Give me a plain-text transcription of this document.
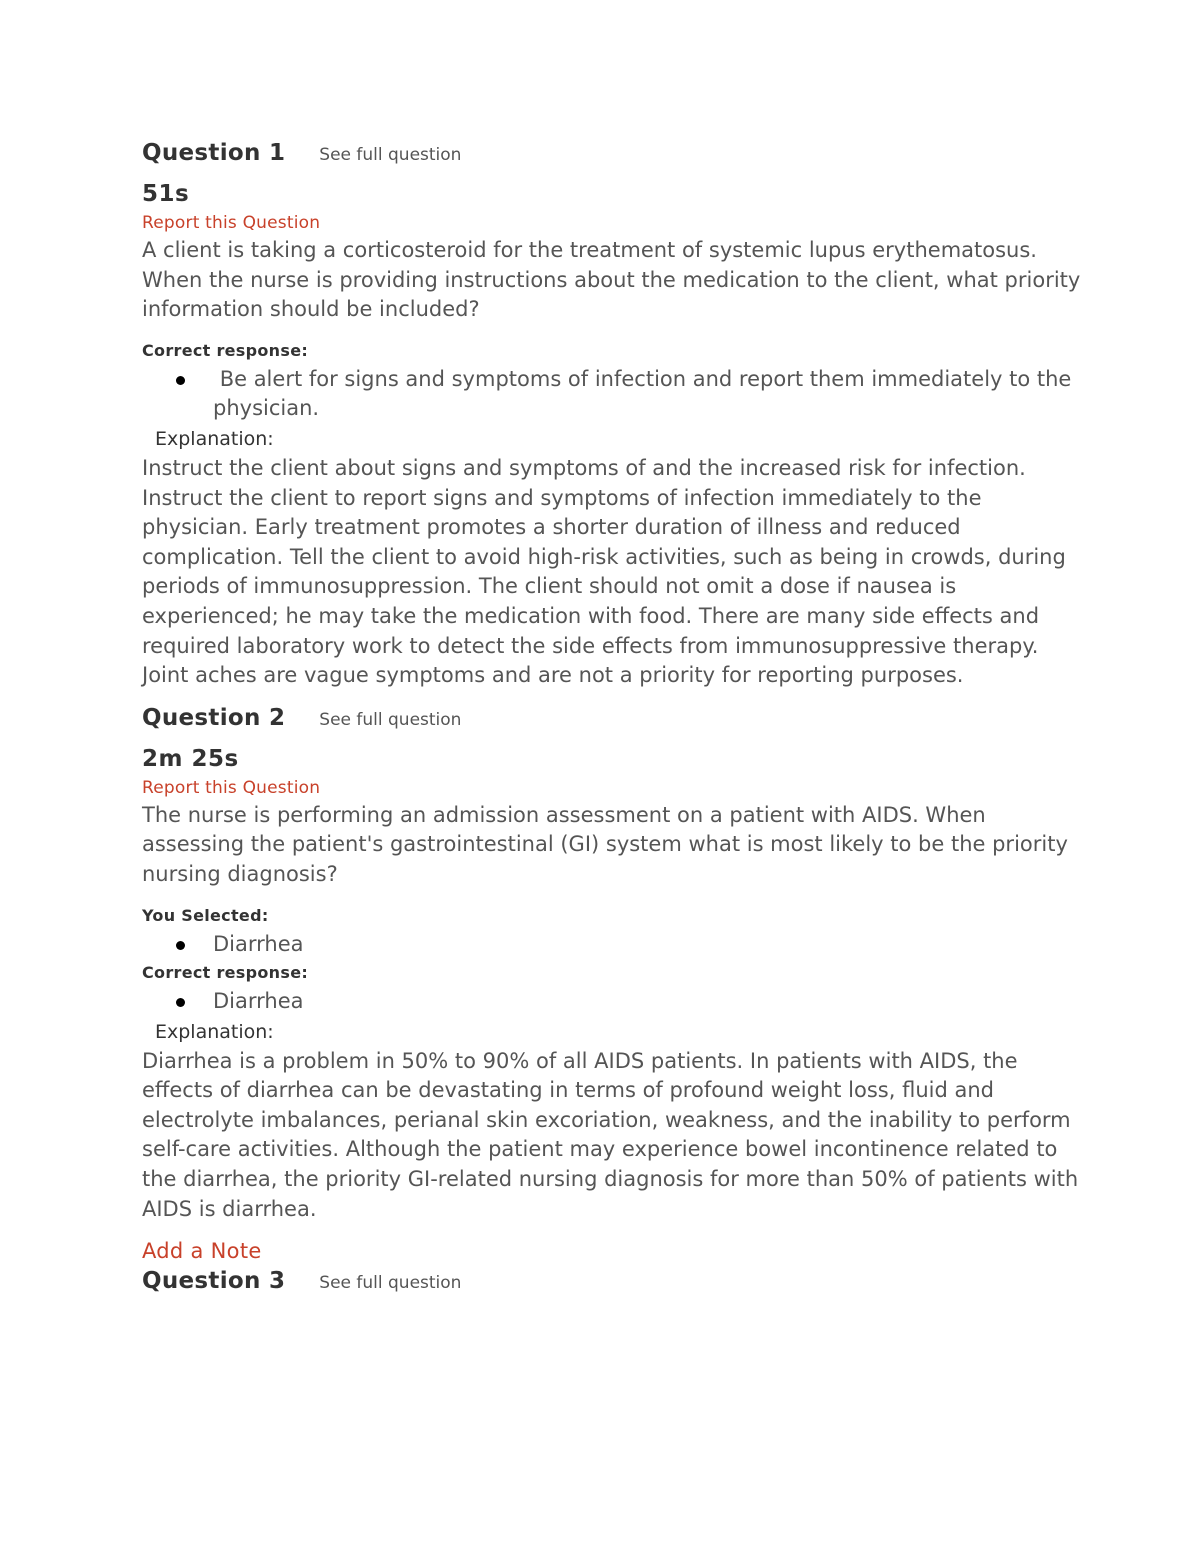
Question 1 See full question
51s
Report this Question

A client is taking a corticosteroid for the treatment of systemic lupus erythematosus. When the nurse is providing instructions about the medication to the client, what priority information should be included?

Correct response:
Be alert for signs and symptoms of infection and report them immediately to the physician.
Explanation:

Instruct the client about signs and symptoms of and the increased risk for infection. Instruct the client to report signs and symptoms of infection immediately to the physician. Early treatment promotes a shorter duration of illness and reduced complication. Tell the client to avoid high-risk activities, such as being in crowds, during periods of immunosuppression. The client should not omit a dose if nausea is experienced; he may take the medication with food. There are many side effects and required laboratory work to detect the side effects from immunosuppressive therapy. Joint aches are vague symptoms and are not a priority for reporting purposes.

Question 2 See full question
2m 25s
Report this Question

The nurse is performing an admission assessment on a patient with AIDS. When assessing the patient's gastrointestinal (GI) system what is most likely to be the priority nursing diagnosis?

You Selected:
Diarrhea
Correct response:
Diarrhea
Explanation:

Diarrhea is a problem in 50% to 90% of all AIDS patients. In patients with AIDS, the effects of diarrhea can be devastating in terms of profound weight loss, fluid and electrolyte imbalances, perianal skin excoriation, weakness, and the inability to perform self-care activities. Although the patient may experience bowel incontinence related to the diarrhea, the priority GI-related nursing diagnosis for more than 50% of patients with AIDS is diarrhea.

Add a Note
Question 3 See full question
